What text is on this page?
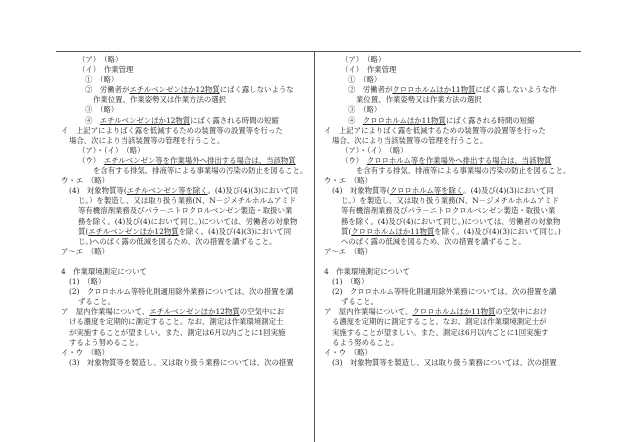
（ア）　（略）
（イ）　作業管理
①　（略）
②　労働者がエチルベンゼンほか12物質にばく露しないような
作業位置、作業姿勢又は作業方法の選択
③　（略）
④　エチルベンゼンほか12物質にばく露される時間の短縮
イ　上記アによりばく露を低減するための装置等の設置等を行った
場合、次により当該装置等の管理を行うこと。
（ア）・（イ）　（略）
（ウ）　エチルベンゼン等を作業場外へ排出する場合は、当該物質
を含有する排気、排液等による事業場の汚染の防止を図ること。
ウ・エ　（略）
(4)　対象物質等(エチルベンゼン等を除く。(4)及び(4)(3)において同
じ。）を製造し、又は取り扱う業務(N、N－ジメチルホルムアミド
等有機溶剤業務及びパラ－ニトロクロルベンゼン製造・取扱い業
務を除く。(4)及び(4)において同じ。)については、労働者の対象物
質(エチルベンゼンほか12物質を除く。(4)及び(4)(3)において同
じ。)へのばく露の低減を図るため、次の措置を講ずること。
ア～エ　（略）
4　作業環境測定について
(1)　（略）
(2)　クロロホルム等特化則適用除外業務については、次の措置を講
ずること。
ア　屋内作業場について、エチルベンゼンほか12物質の空気中にお
ける濃度を定期的に測定すること。なお、測定は作業環境測定士
が実施することが望ましい。また、測定は6月以内ごとに1回実施
するよう努めること。
イ・ウ　（略）
(3)　対象物質等を製造し、又は取り扱う業務については、次の措置
（ア）　（略）
（イ）　作業管理
①　（略）
②　労働者がクロロホルムほか11物質にばく露しないような作
業位置、作業姿勢又は作業方法の選択
③　（略）
④　クロロホルムほか11物質にばく露される時間の短縮
イ　上記アによりばく露を低減するための装置等の設置等を行った
場合、次により当該装置等の管理を行うこと。
（ア）・（イ）　（略）
（ウ）　クロロホルム等を作業場外へ排出する場合は、当該物質
を含有する排気、排液等による事業場の汚染の防止を図ること。
ウ・エ　（略）
(4)　対象物質等(クロロホルム等を除く。(4)及び(4)(3)において同
じ。）を製造し、又は取り扱う業務(N、N－ジメチルホルムアミド
等有機溶剤業務及びパラ－ニトロクロルベンゼン製造・取扱い業
務を除く。(4)及び(4)において同じ。)については、労働者の対象物
質(クロロホルムほか11物質を除く。(4)及び(4)(3)において同じ。)
へのばく露の低減を図るため、次の措置を講ずること。
ア～エ　（略）
4　作業環境測定について
(1)　（略）
(2)　クロロホルム等特化則適用除外業務については、次の措置を講
ずること。
ア　屋内作業場について、クロロホルムほか11物質の空気中におけ
る濃度を定期的に測定すること。なお、測定は作業環境測定士が
実施することが望ましい。また、測定は6月以内ごとに1回実施す
るよう努めること。
イ・ウ　（略）
(3)　対象物質等を製造し、又は取り扱う業務については、次の措置
